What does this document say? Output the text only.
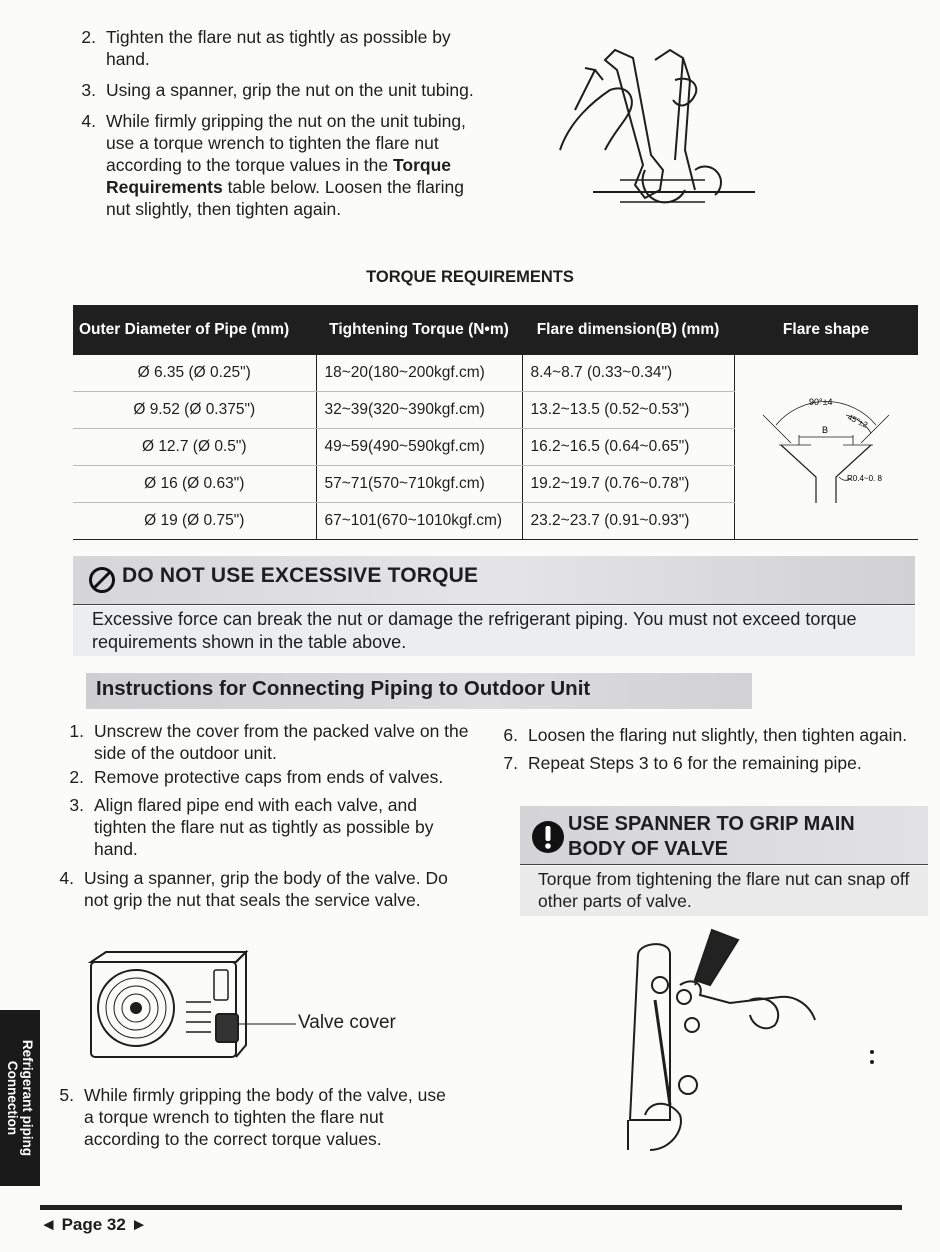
2. Tighten the flare nut as tightly as possible by hand.
3. Using a spanner, grip the nut on the unit tubing.
4. While firmly gripping the nut on the unit tubing, use a torque wrench to tighten the flare nut according to the torque values in the Torque Requirements table below. Loosen the flaring nut slightly, then tighten again.
TORQUE REQUIREMENTS
Outer Diameter of Pipe (mm)	Tightening Torque (N•m)	Flare dimension(B) (mm)	Flare shape
Ø 6.35 (Ø 0.25")	18~20(180~200kgf.cm)	8.4~8.7 (0.33~0.34")	90°±4
45°±2
B
R0.4~0. 8

Ø 9.52 (Ø 0.375")	32~39(320~390kgf.cm)	13.2~13.5 (0.52~0.53")	
Ø 12.7 (Ø 0.5")	49~59(490~590kgf.cm)	16.2~16.5 (0.64~0.65")	
Ø 16 (Ø 0.63")	57~71(570~710kgf.cm)	19.2~19.7 (0.76~0.78")	
Ø 19 (Ø 0.75")	67~101(670~1010kgf.cm)	23.2~23.7 (0.91~0.93")	
DO NOT USE EXCESSIVE TORQUE
Excessive force can break the nut or damage the refrigerant piping. You must not exceed torque requirements shown in the table above.
Instructions for Connecting Piping to Outdoor Unit
1. Unscrew the cover from the packed valve on the side of the outdoor unit.
2. Remove protective caps from ends of valves.
3. Align flared pipe end with each valve, and tighten the flare nut as tightly as possible by hand.
4. Using a spanner, grip the body of the valve. Do not grip the nut that seals the service valve.
Valve cover
5. While firmly gripping the body of the valve, use a torque wrench to tighten the flare nut according to the correct torque values.
6. Loosen the flaring nut slightly, then tighten again.
7. Repeat Steps 3 to 6 for the remaining pipe.
USE SPANNER TO GRIP MAIN
BODY OF VALVE
Torque from tightening the flare nut can snap off other parts of valve.
Refrigerant piping
Connection
◄ Page 32 ►
